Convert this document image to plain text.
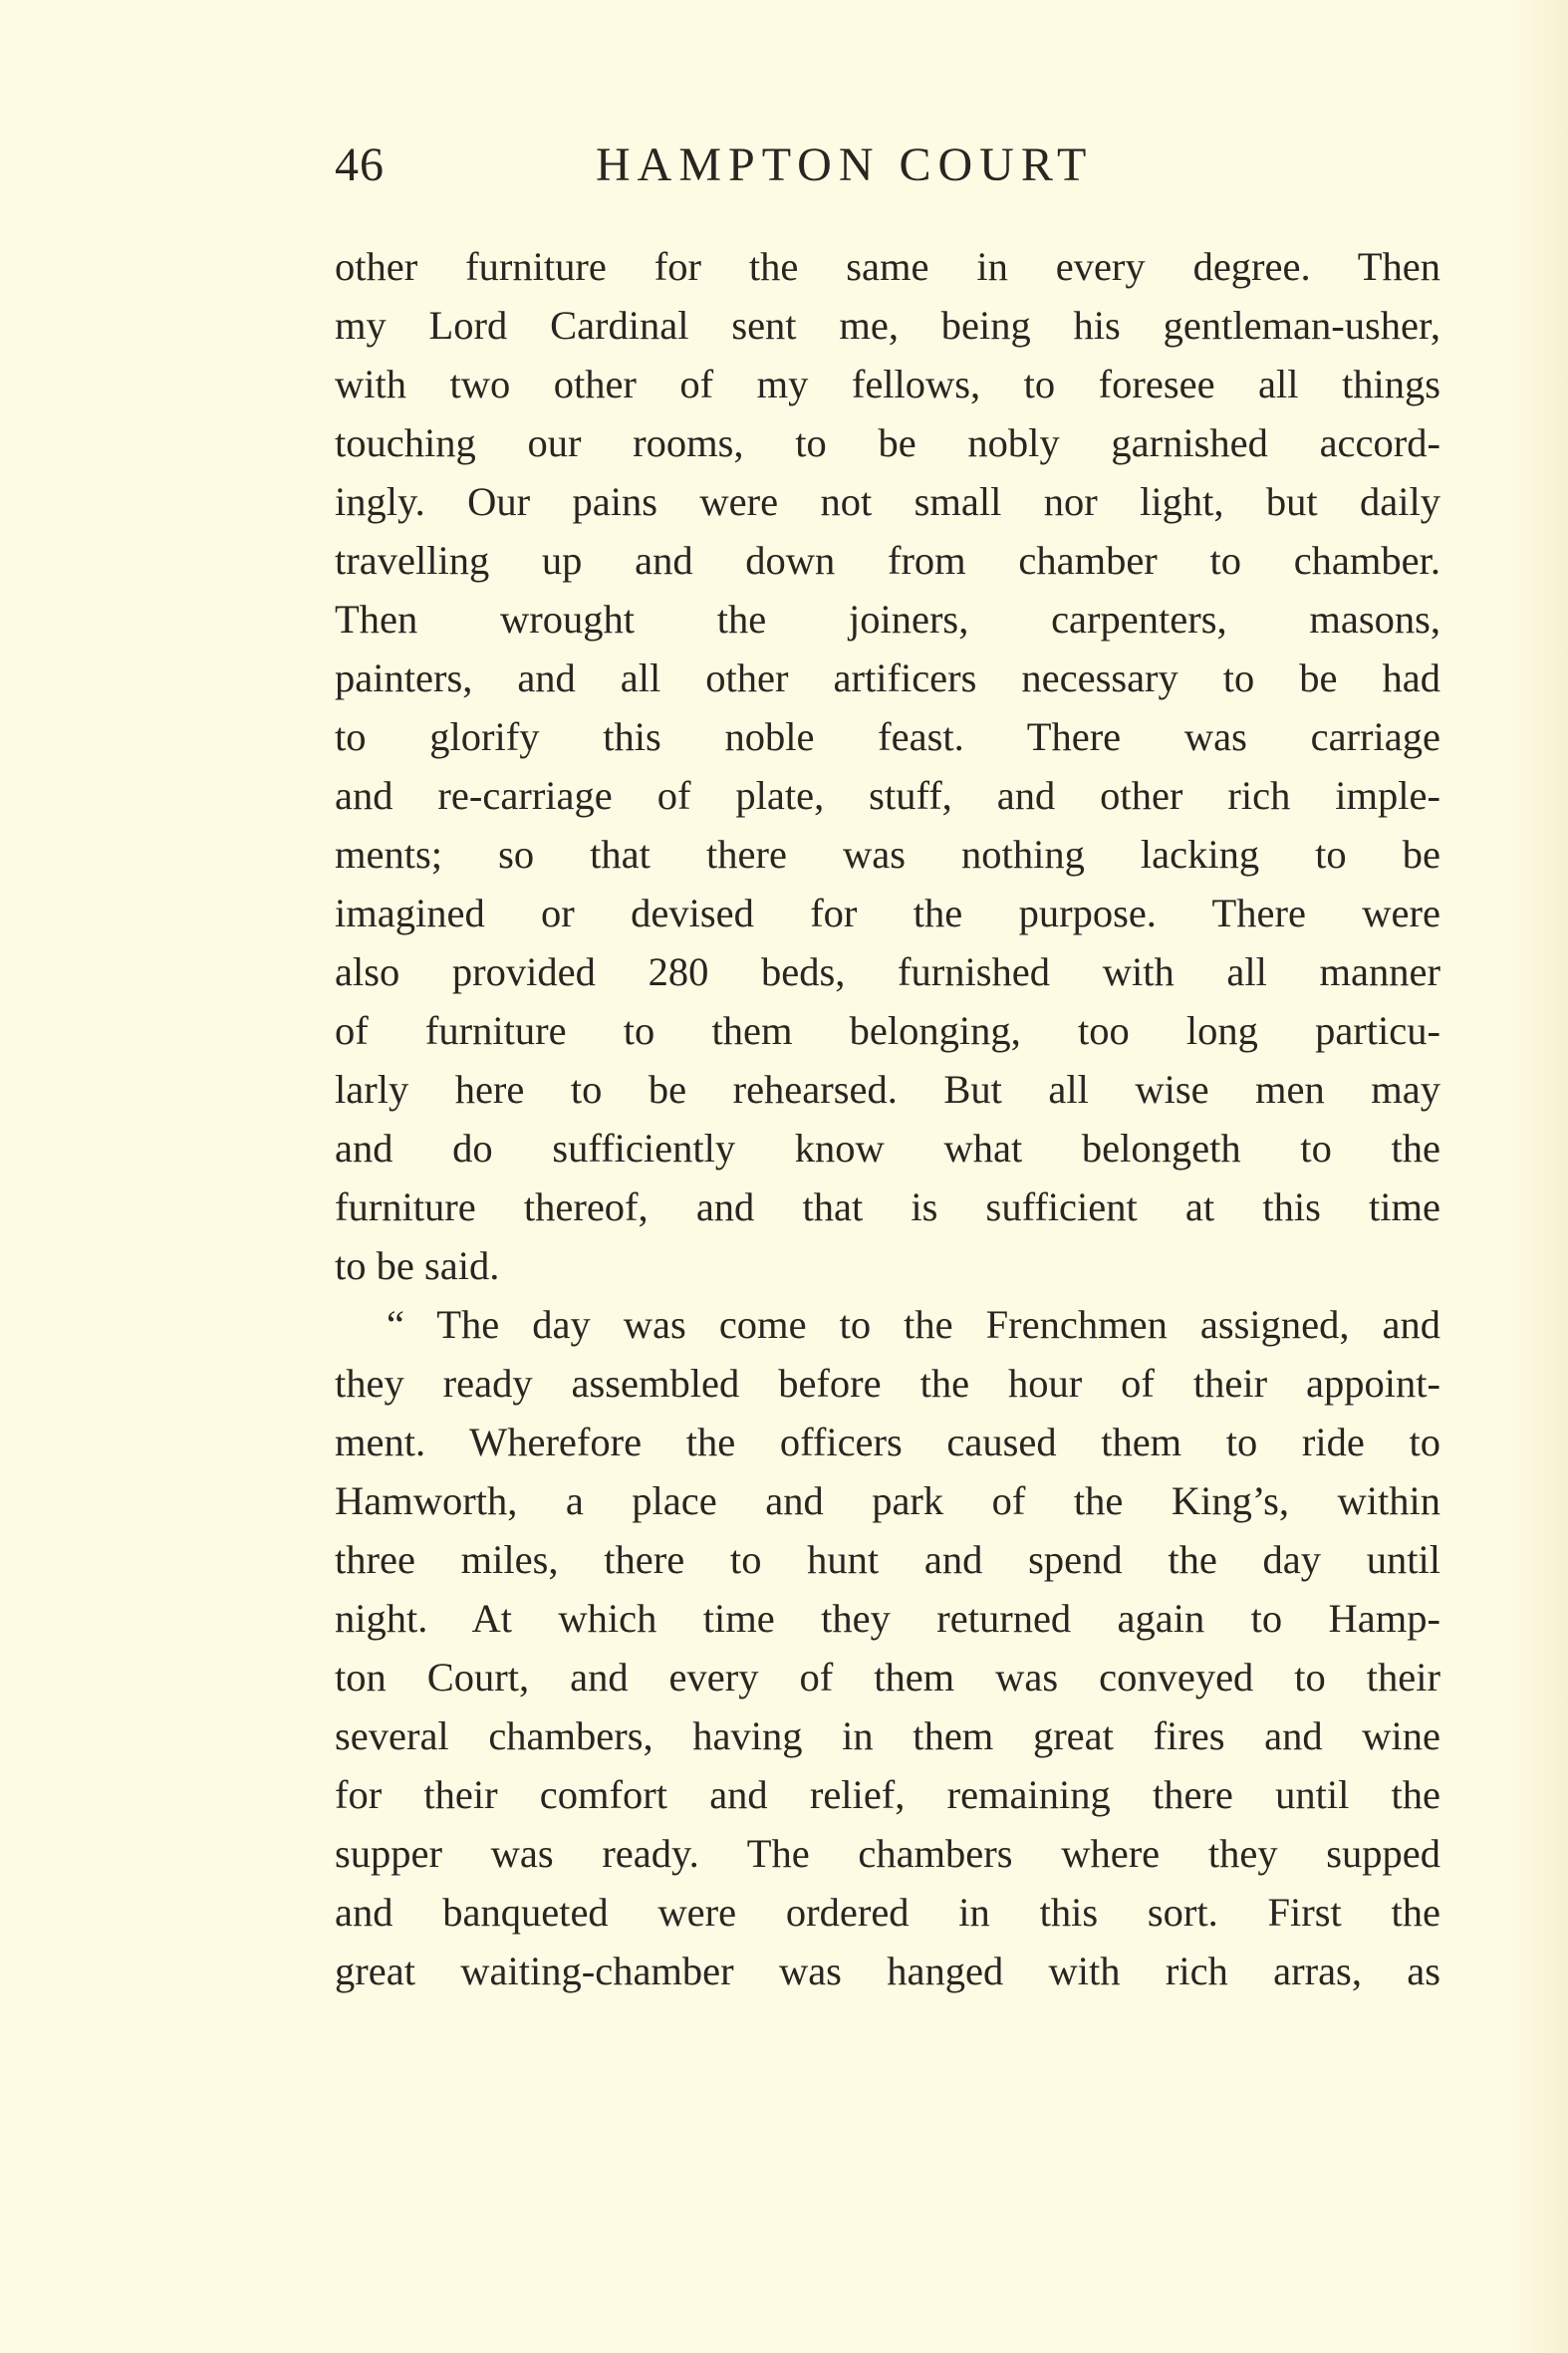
46	HAMPTON COURT
other furniture for the same in every degree. Then
my Lord Cardinal sent me, being his gentleman-usher,
with two other of my fellows, to foresee all things
touching our rooms, to be nobly garnished accord-
ingly. Our pains were not small nor light, but daily
travelling up and down from chamber to chamber.
Then wrought the joiners, carpenters, masons,
painters, and all other artificers necessary to be had
to glorify this noble feast. There was carriage
and re-carriage of plate, stuff, and other rich imple-
ments; so that there was nothing lacking to be
imagined or devised for the purpose. There were
also provided 280 beds, furnished with all manner
of furniture to them belonging, too long particu-
larly here to be rehearsed. But all wise men may
and do sufficiently know what belongeth to the
furniture thereof, and that is sufficient at this time
to be said.
“ The day was come to the Frenchmen assigned, and
they ready assembled before the hour of their appoint-
ment. Wherefore the officers caused them to ride to
Hamworth, a place and park of the King’s, within
three miles, there to hunt and spend the day until
night. At which time they returned again to Hamp-
ton Court, and every of them was conveyed to their
several chambers, having in them great fires and wine
for their comfort and relief, remaining there until the
supper was ready. The chambers where they supped
and banqueted were ordered in this sort. First the
great waiting-chamber was hanged with rich arras, as
